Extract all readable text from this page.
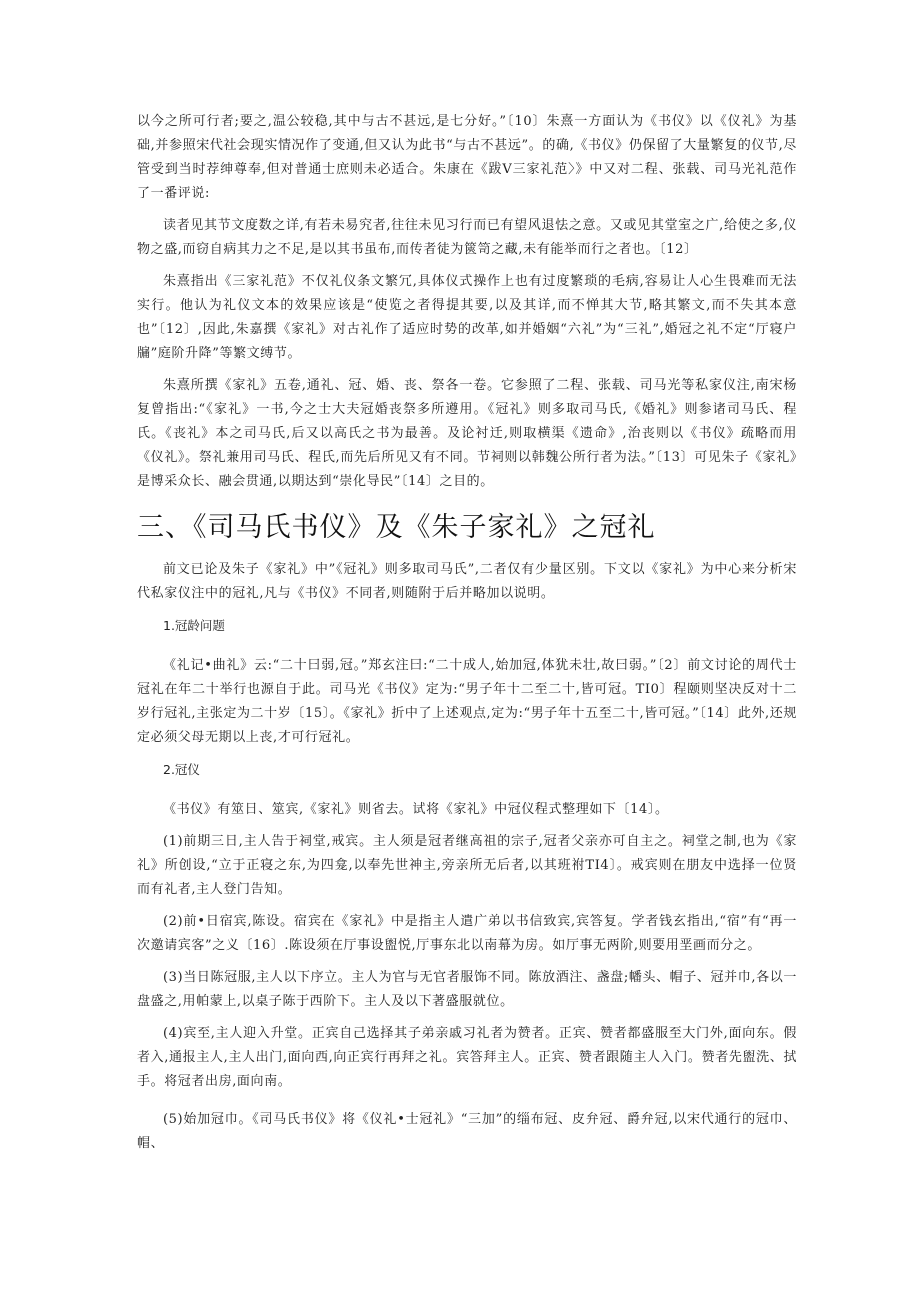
以今之所可行者;要之,温公较稳,其中与古不甚远,是七分好。”〔10〕朱熹一方面认为《书仪》以《仪礼》为基础,并参照宋代社会现实情况作了变通,但又认为此书“与古不甚远”。的确,《书仪》仍保留了大量繁复的仪节,尽管受到当时荐绅尊奉,但对普通士庶则未必适合。朱康在《跋Ⅴ三家礼范〉》中又对二程、张载、司马光礼范作了一番评说:

读者见其节文度数之详,有若未易究者,往往未见习行而已有望风退怯之意。又或见其堂室之广,给使之多,仪物之盛,而窃自病其力之不足,是以其书虽布,而传者徒为篋笥之藏,未有能举而行之者也。〔12〕

朱熹指出《三家礼范》不仅礼仪条文繁冗,具体仪式操作上也有过度繁琐的毛病,容易让人心生畏难而无法实行。他认为礼仪文本的效果应该是“使览之者得提其要,以及其详,而不惮其大节,略其繁文,而不失其本意也”〔12〕,因此,朱嘉撰《家礼》对古礼作了适应时势的改革,如并婚姻“六礼”为“三礼”,婚冠之礼不定“厅寝户牖”庭阶升降”等繁文缚节。

朱熹所撰《家礼》五卷,通礼、冠、婚、丧、祭各一卷。它参照了二程、张载、司马光等私家仪注,南宋杨复曾指出:“《家礼》一书,今之士大夫冠婚丧祭多所遵用。《冠礼》则多取司马氏,《婚礼》则参诸司马氏、程氏。《丧礼》本之司马氏,后又以高氏之书为最善。及论衬迁,则取横渠《遗命》,治丧则以《书仪》疏略而用《仪礼》。祭礼兼用司马氏、程氏,而先后所见又有不同。节祠则以韩魏公所行者为法。”〔13〕可见朱子《家礼》是博采众长、融会贯通,以期达到“崇化导民”〔14〕之目的。

三、《司马氏书仪》及《朱子家礼》之冠礼

前文已论及朱子《家礼》中”《冠礼》则多取司马氏”,二者仅有少量区别。下文以《家礼》为中心来分析宋代私家仪注中的冠礼,凡与《书仪》不同者,则随附于后并略加以说明。

1.冠龄问题

《礼记•曲礼》云:“二十曰弱,冠。”郑玄注曰:“二十成人,始加冠,体犹未壮,故曰弱。”〔2〕前文讨论的周代士冠礼在年二十举行也源自于此。司马光《书仪》定为:“男子年十二至二十,皆可冠。TI0〕程颐则坚决反对十二岁行冠礼,主张定为二十岁〔15〕。《家礼》折中了上述观点,定为:“男子年十五至二十,皆可冠。”〔14〕此外,还规定必须父母无期以上丧,才可行冠礼。

2.冠仪

《书仪》有筮日、筮宾,《家礼》则省去。试将《家礼》中冠仪程式整理如下〔14〕。

(1)前期三日,主人告于祠堂,戒宾。主人须是冠者继高祖的宗子,冠者父亲亦可自主之。祠堂之制,也为《家礼》所创设,“立于正寝之东,为四龛,以奉先世神主,旁亲所无后者,以其班祔TI4〕。戒宾则在朋友中选择一位贤而有礼者,主人登门告知。

(2)前•日宿宾,陈设。宿宾在《家礼》中是指主人遣广弟以书信致宾,宾答复。学者钱玄指出,“宿”有“再一次邀请宾客”之义〔16〕.陈设须在厅事设盥悦,厅事东北以南幕为房。如厅事无两阶,则要用垩画而分之。

(3)当日陈冠服,主人以下序立。主人为官与无官者服饰不同。陈放酒注、盏盘;幡头、帽子、冠并巾,各以一盘盛之,用帕蒙上,以桌子陈于西阶下。主人及以下著盛服就位。

(4)宾至,主人迎入升堂。正宾自己选择其子弟亲戚习礼者为赞者。正宾、赞者都盛服至大门外,面向东。假者入,通报主人,主人出门,面向西,向正宾行再拜之礼。宾答拜主人。正宾、赞者跟随主人入门。赞者先盥洗、拭手。将冠者出房,面向南。

(5)始加冠巾。《司马氏书仪》将《仪礼•士冠礼》“三加”的缁布冠、皮弁冠、爵弁冠,以宋代通行的冠巾、帽、
